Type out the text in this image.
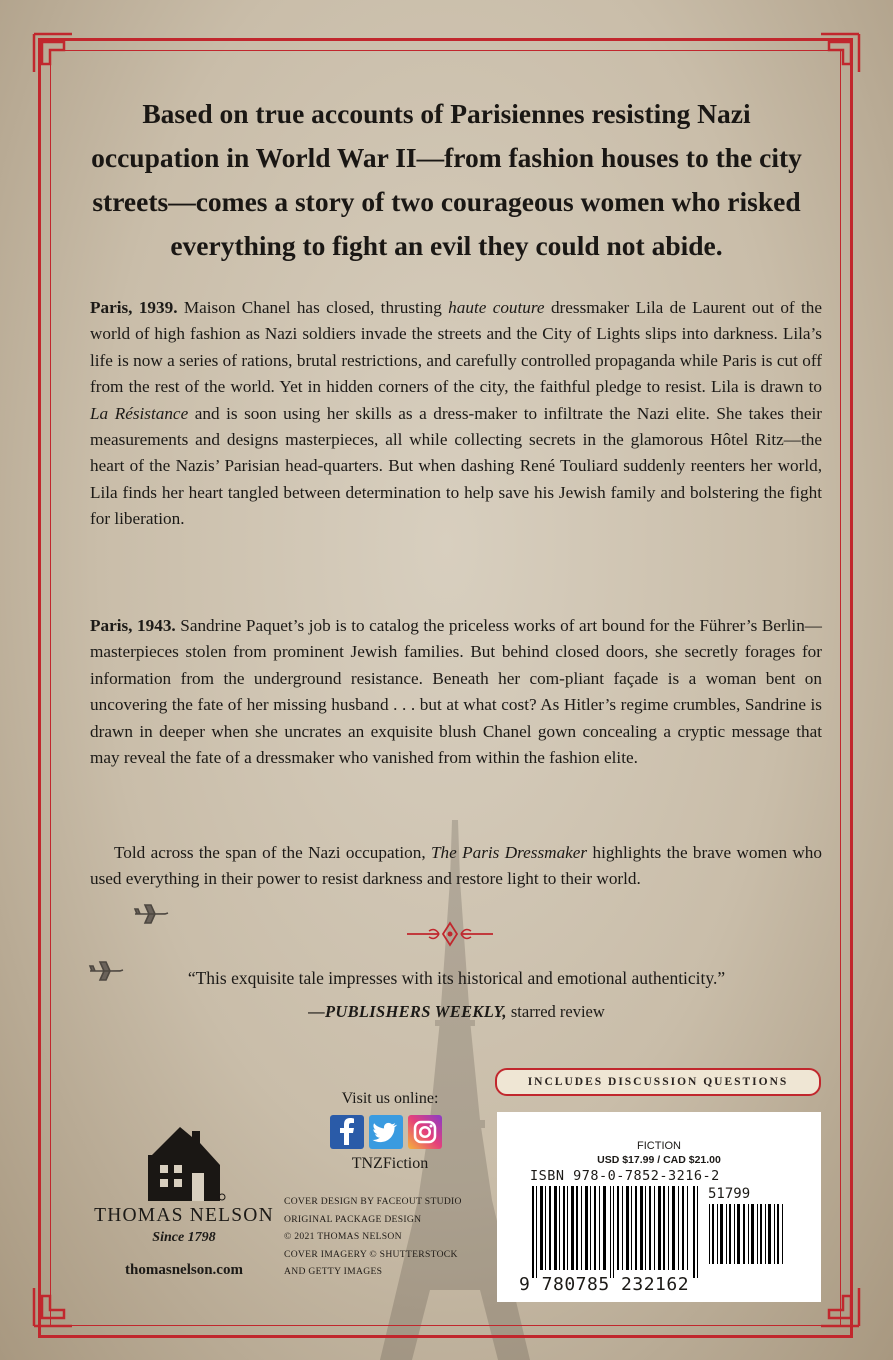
Based on true accounts of Parisiennes resisting Nazi occupation in World War II—from fashion houses to the city streets—comes a story of two courageous women who risked everything to fight an evil they could not abide.

Paris, 1939. Maison Chanel has closed, thrusting haute couture dressmaker Lila de Laurent out of the world of high fashion as Nazi soldiers invade the streets and the City of Lights slips into darkness. Lila’s life is now a series of rations, brutal restrictions, and carefully controlled propaganda while Paris is cut off from the rest of the world. Yet in hidden corners of the city, the faithful pledge to resist. Lila is drawn to La Résistance and is soon using her skills as a dress-maker to infiltrate the Nazi elite. She takes their measurements and designs masterpieces, all while collecting secrets in the glamorous Hôtel Ritz—the heart of the Nazis’ Parisian head-quarters. But when dashing René Touliard suddenly reenters her world, Lila finds her heart tangled between determination to help save his Jewish family and bolstering the fight for liberation.

Paris, 1943. Sandrine Paquet’s job is to catalog the priceless works of art bound for the Führer’s Berlin—masterpieces stolen from prominent Jewish families. But behind closed doors, she secretly forages for information from the underground resistance. Beneath her com-pliant façade is a woman bent on uncovering the fate of her missing husband . . . but at what cost? As Hitler’s regime crumbles, Sandrine is drawn in deeper when she uncrates an exquisite blush Chanel gown concealing a cryptic message that may reveal the fate of a dressmaker who vanished from within the fashion elite.

Told across the span of the Nazi occupation, The Paris Dressmaker highlights the brave women who used everything in their power to resist darkness and restore light to their world.

“This exquisite tale impresses with its historical and emotional authenticity.”
—PUBLISHERS WEEKLY, starred review
INCLUDES DISCUSSION QUESTIONS
Visit us online:
TNZFiction
COVER DESIGN BY FACEOUT STUDIO
ORIGINAL PACKAGE DESIGN
© 2021 THOMAS NELSON
COVER IMAGERY © SHUTTERSTOCK
AND GETTY IMAGES
THOMAS NELSON
Since 1798
thomasnelson.com
FICTION
USD $17.99 / CAD $21.00
ISBN 978-0-7852-3216-2
9 780785 232162
51799
